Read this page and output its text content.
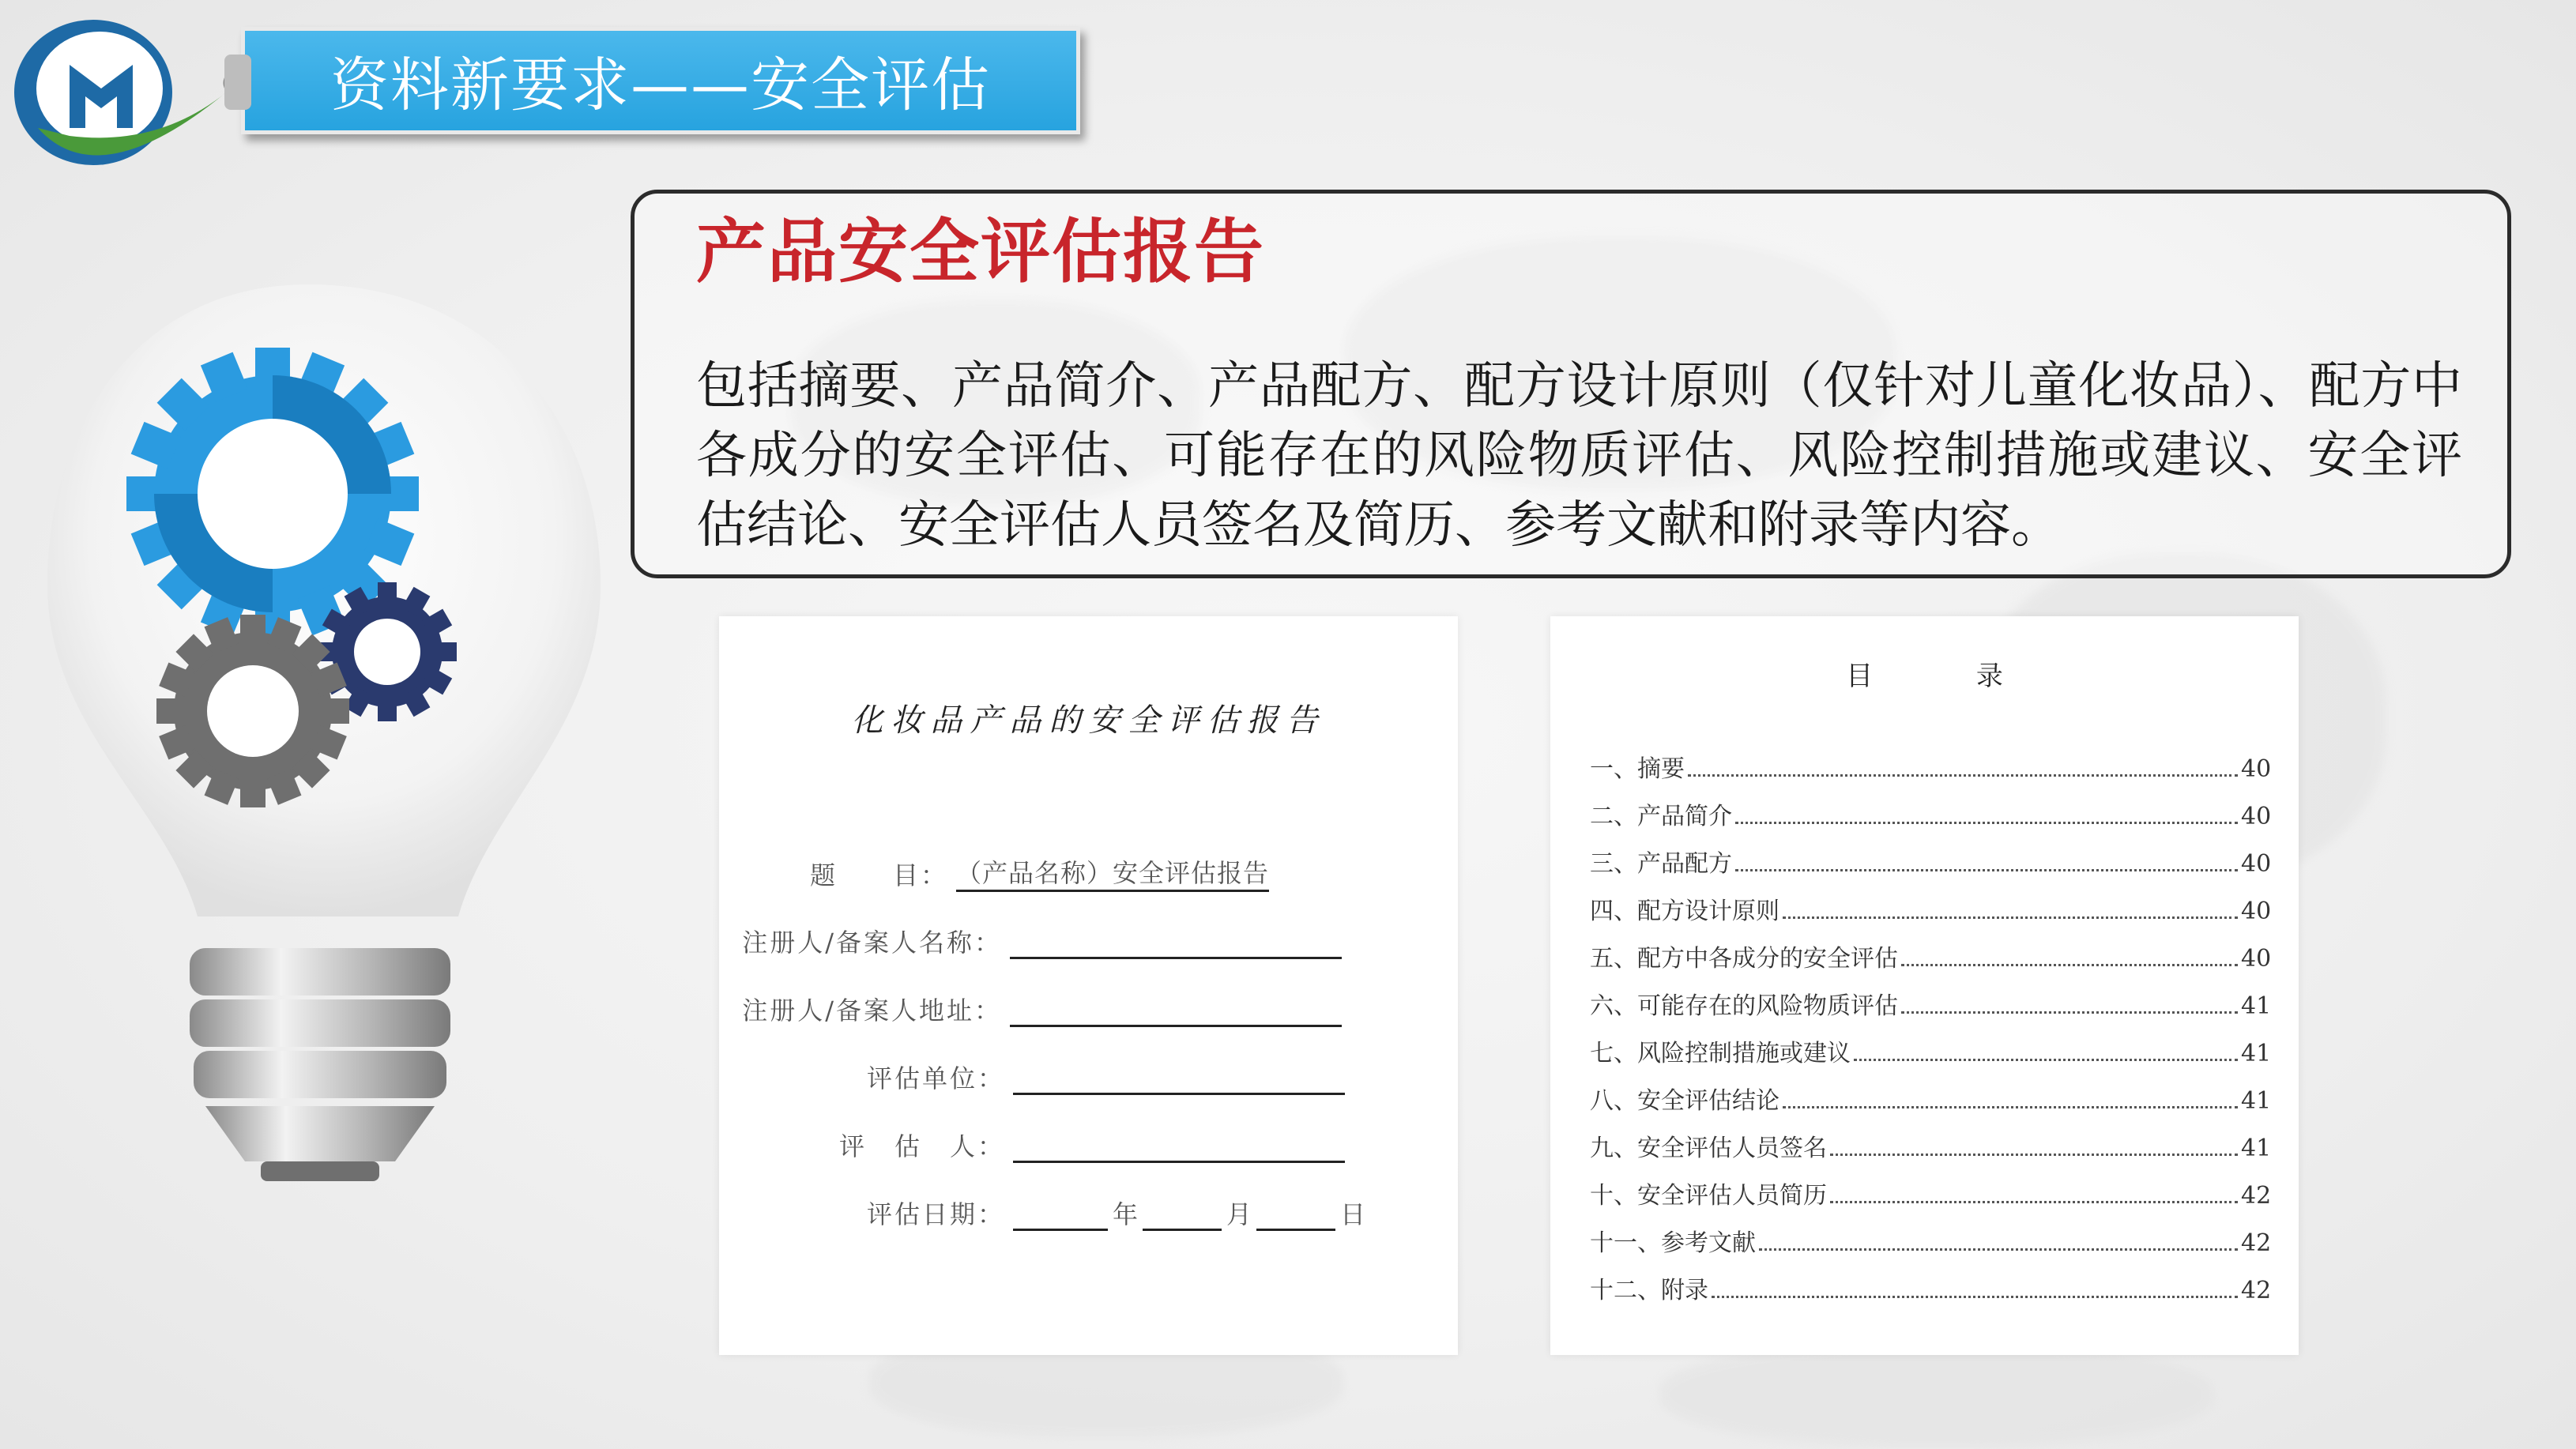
资料新要求——安全评估
产品安全评估报告
包括摘要、产品简介、产品配方、配方设计原则（仅针对儿童化妆品）、配方中各成分的安全评估、可能存在的风险物质评估、风险控制措施或建议、安全评估结论、安全评估人员签名及简历、参考文献和附录等内容。
化妆品产品的安全评估报告
题　　目： （产品名称）安全评估报告
注册人/备案人名称：
注册人/备案人地址：
评估单位：
评　估　人：
评估日期：	年	月	日
目 录
一、摘要	40
二、产品简介	40
三、产品配方	40
四、配方设计原则	40
五、配方中各成分的安全评估	40
六、可能存在的风险物质评估	41
七、风险控制措施或建议	41
八、安全评估结论	41
九、安全评估人员签名	41
十、安全评估人员简历	42
十一、参考文献	42
十二、附录	42
